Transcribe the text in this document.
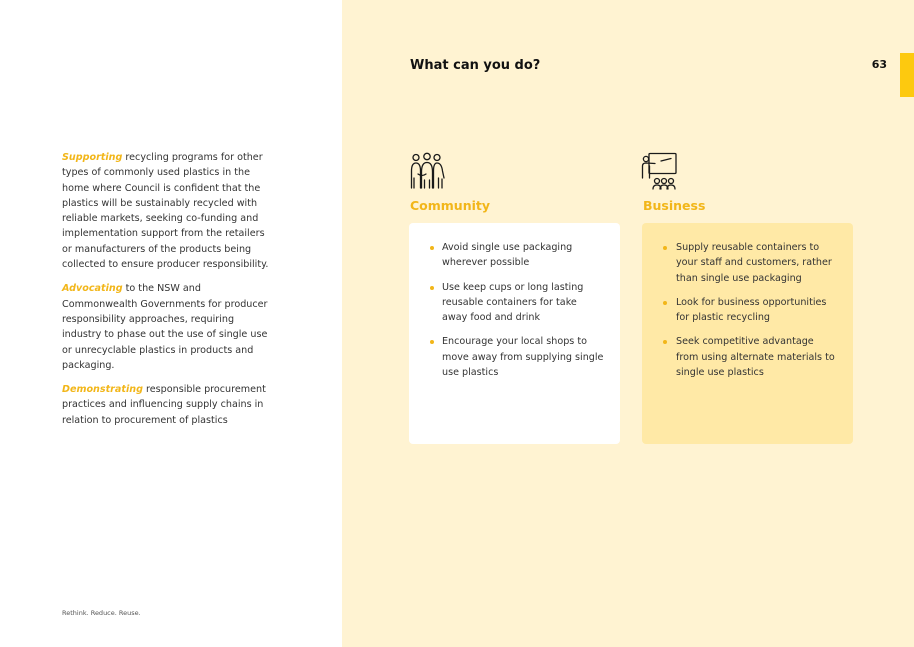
Supporting recycling programs for other types of commonly used plastics in the home where Council is confident that the plastics will be sustainably recycled with reliable markets, seeking co-funding and implementation support from the retailers or manufacturers of the products being collected to ensure producer responsibility.

Advocating to the NSW and Commonwealth Governments for producer responsibility approaches, requiring industry to phase out the use of single use or unrecyclable plastics in products and packaging.

Demonstrating responsible procurement practices and influencing supply chains in relation to procurement of plastics

Rethink. Reduce. Reuse.
What can you do?	63
Community	Business
Avoid single use packaging wherever possible
Use keep cups or long lasting reusable containers for take away food and drink
Encourage your local shops to move away from supplying single use plastics
Supply reusable containers to your staff and customers, rather than single use packaging
Look for business opportunities for plastic recycling
Seek competitive advantage from using alternate materials to single use plastics
